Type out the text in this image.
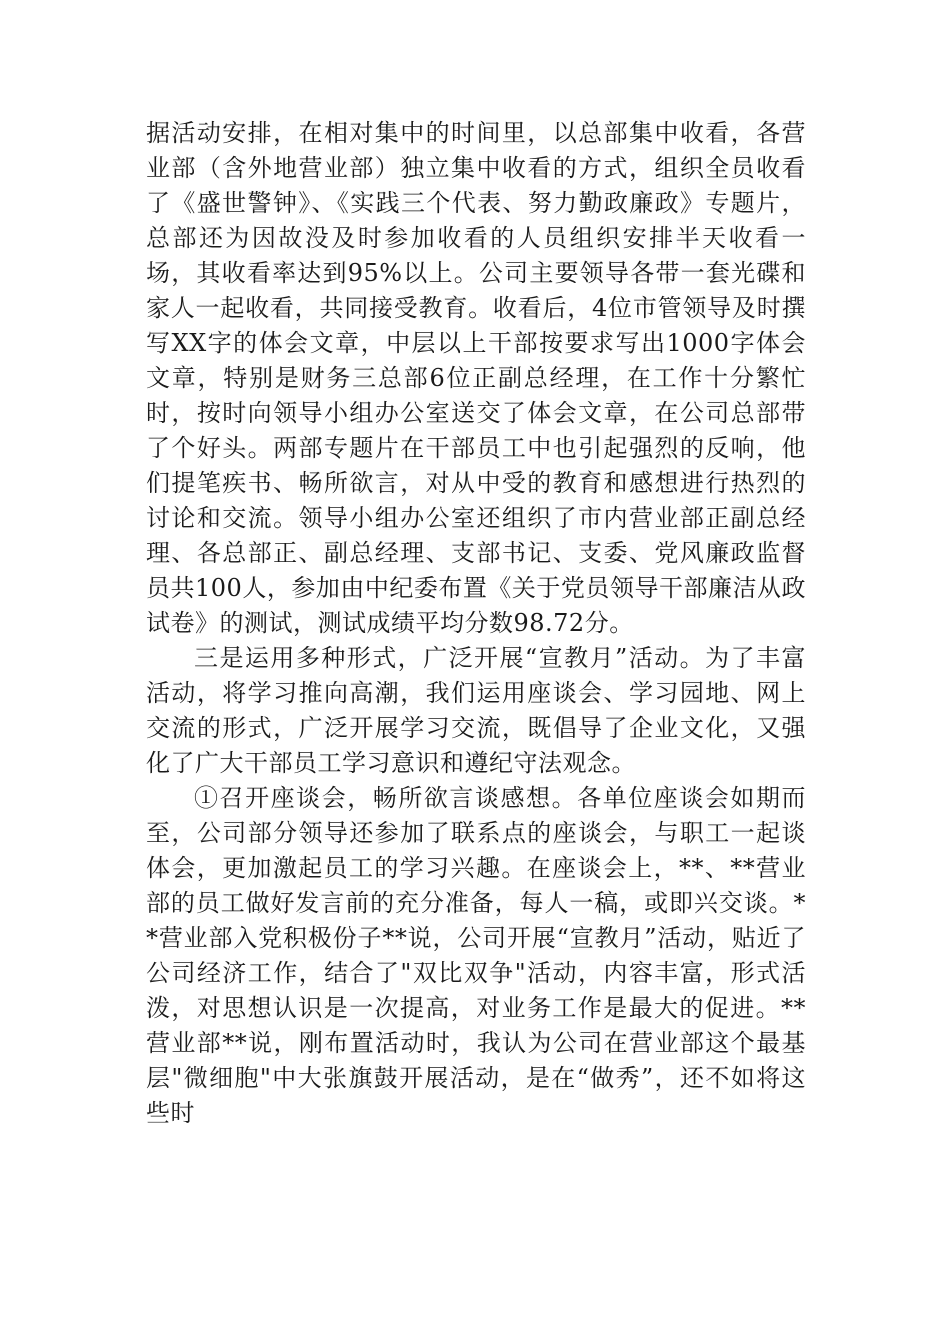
据活动安排，在相对集中的时间里，以总部集中收看，各营业部（含外地营业部）独立集中收看的方式，组织全员收看了《盛世警钟》、《实践三个代表、努力勤政廉政》专题片，总部还为因故没及时参加收看的人员组织安排半天收看一场，其收看率达到95%以上。公司主要领导各带一套光碟和家人一起收看，共同接受教育。收看后，4位市管领导及时撰写XX字的体会文章，中层以上干部按要求写出1000字体会文章，特别是财务三总部6位正副总经理，在工作十分繁忙时，按时向领导小组办公室送交了体会文章，在公司总部带了个好头。两部专题片在干部员工中也引起强烈的反响，他们提笔疾书、畅所欲言，对从中受的教育和感想进行热烈的讨论和交流。领导小组办公室还组织了市内营业部正副总经理、各总部正、副总经理、支部书记、支委、党风廉政监督员共100人，参加由中纪委布置《关于党员领导干部廉洁从政试卷》的测试，测试成绩平均分数98.72分。

三是运用多种形式，广泛开展“宣教月”活动。为了丰富活动，将学习推向高潮，我们运用座谈会、学习园地、网上交流的形式，广泛开展学习交流，既倡导了企业文化，又强化了广大干部员工学习意识和遵纪守法观念。

①召开座谈会，畅所欲言谈感想。各单位座谈会如期而至，公司部分领导还参加了联系点的座谈会，与职工一起谈体会，更加激起员工的学习兴趣。在座谈会上，**、**营业部的员工做好发言前的充分准备，每人一稿，或即兴交谈。**营业部入党积极份子**说，公司开展“宣教月”活动，贴近了公司经济工作，结合了"双比双争"活动，内容丰富，形式活泼，对思想认识是一次提高，对业务工作是最大的促进。**营业部**说，刚布置活动时，我认为公司在营业部这个最基层"微细胞"中大张旗鼓开展活动，是在“做秀”，还不如将这些时
